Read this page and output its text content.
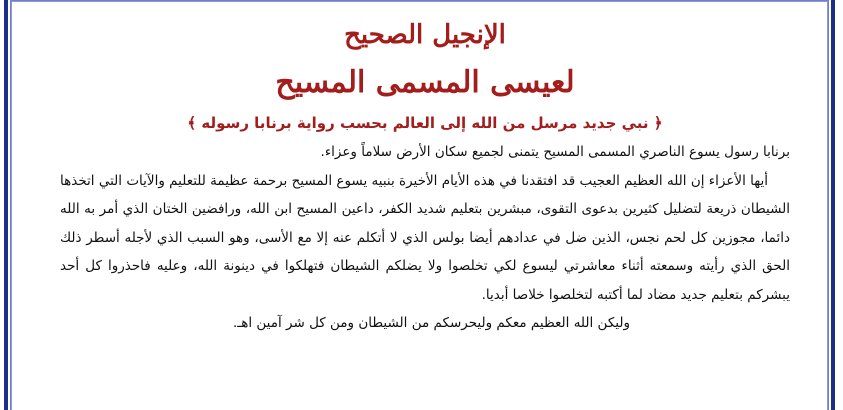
الإنجيل الصحيح
لعيسى المسمى المسيح

﴿ نبي جديد مرسل من الله إلى العالم بحسب رواية برنابا رسوله ﴾

برنابا رسول يسوع الناصري المسمى المسيح يتمنى لجميع سكان الأرض سلاماً وعزاء.

أيها الأعزاء إن الله العظيم العجيب قد افتقدنا في هذه الأيام الأخيرة بنبيه يسوع المسيح برحمة عظيمة للتعليم والآيات التي اتخذها الشيطان ذريعة لتضليل كثيرين بدعوى التقوى، مبشرين بتعليم شديد الكفر، داعين المسيح ابن الله، ورافضين الختان الذي أمر به الله دائما، مجوزين كل لحم نجس، الذين ضل في عدادهم أيضا بولس الذي لا أتكلم عنه إلا مع الأسى، وهو السبب الذي لأجله أسطر ذلك الحق الذي رأيته وسمعته أثناء معاشرتي ليسوع لكي تخلصوا ولا يضلكم الشيطان فتهلكوا في دينونة الله، وعليه فاحذروا كل أحد يبشركم بتعليم جديد مضاد لما أكتبه لتخلصوا خلاصا أبديا.

وليكن الله العظيم معكم وليحرسكم من الشيطان ومن كل شر آمين اهـ.
